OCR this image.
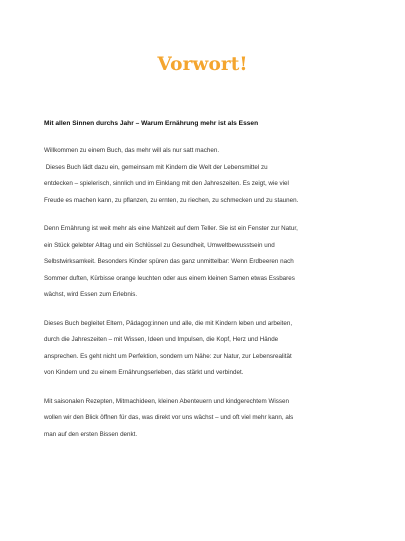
Vorwort!
Mit allen Sinnen durchs Jahr – Warum Ernährung mehr ist als Essen
Willkommen zu einem Buch, das mehr will als nur satt machen.
Dieses Buch lädt dazu ein, gemeinsam mit Kindern die Welt der Lebensmittel zu
entdecken – spielerisch, sinnlich und im Einklang mit den Jahreszeiten. Es zeigt, wie viel
Freude es machen kann, zu pflanzen, zu ernten, zu riechen, zu schmecken und zu staunen.
Denn Ernährung ist weit mehr als eine Mahlzeit auf dem Teller. Sie ist ein Fenster zur Natur,
ein Stück gelebter Alltag und ein Schlüssel zu Gesundheit, Umweltbewusstsein und
Selbstwirksamkeit. Besonders Kinder spüren das ganz unmittelbar: Wenn Erdbeeren nach
Sommer duften, Kürbisse orange leuchten oder aus einem kleinen Samen etwas Essbares
wächst, wird Essen zum Erlebnis.
Dieses Buch begleitet Eltern, Pädagog:innen und alle, die mit Kindern leben und arbeiten,
durch die Jahreszeiten – mit Wissen, Ideen und Impulsen, die Kopf, Herz und Hände
ansprechen. Es geht nicht um Perfektion, sondern um Nähe: zur Natur, zur Lebensrealität
von Kindern und zu einem Ernährungserleben, das stärkt und verbindet.
Mit saisonalen Rezepten, Mitmachideen, kleinen Abenteuern und kindgerechtem Wissen
wollen wir den Blick öffnen für das, was direkt vor uns wächst – und oft viel mehr kann, als
man auf den ersten Bissen denkt.
